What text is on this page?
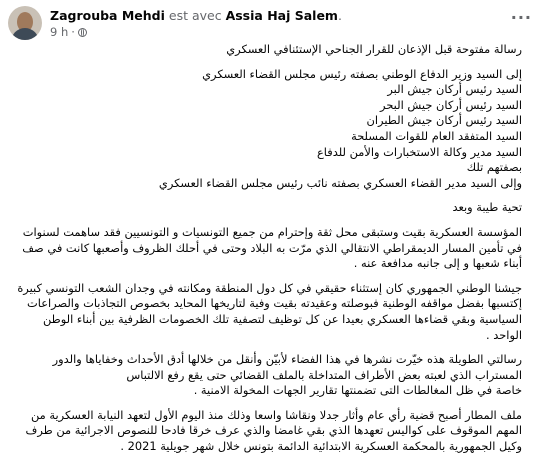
Zagrouba Mehdi est avec Assia Haj Salem.
9 h ·
···
رسالة مفتوحة قبل الإذعان للقرار الجناحي الإستئنافي العسكري
إلى السيد وزير الدفاع الوطني بصفته رئيس مجلس القضاء العسكري
السيد رئيس أركان جيش البر
السيد رئيس أركان جيش البحر
السيد رئيس أركان جيش الطيران
السيد المتفقد العام للقوات المسلحة
السيد مدير وكالة الاستخبارات والأمن للدفاع
بصفتهم تلك
وإلى السيد مدير القضاء العسكري بصفته نائب رئيس مجلس القضاء العسكري
تحية طيبة وبعد
المؤسسة العسكرية بقيت وستبقى محل ثقة وإحترام من جميع التونسيات و التونسيين فقد ساهمت لسنوات
في تأمين المسار الديمقراطي الانتقالي الذي مرّت به البلاد وحتى في أحلك الظروف وأصعبها كانت في صف
أبناء شعبها و إلى جانبه مدافعة عنه .
جيشنا الوطني الجمهوري كان إستثناء حقيقي في كل دول المنطقة ومكانته في وجدان الشعب التونسي كبيرة
إكتسبها بفضل مواقفه الوطنية فبوصلته وعقيدته بقيت وفية لتاريخها المحايد بخصوص التجاذبات والصراعات
السياسية وبقي قضاءها العسكري بعيدا عن كل توظيف لتصفية تلك الخصومات الظرفية بين أبناء الوطن
الواحد .
رسالتي الطويلة هذه خيّرت نشرها في هذا الفضاء لأبيّن وأنقل من خلالها أدق الأحداث وخفاياها والدور
المستراب الذي لعبته بعض الأطراف المتداخلة بالملف القضائي حتى يقع رفع الالتباس
خاصة في ظل المغالطات التى تضمنتها تقارير الجهات المخولة الامنية .
ملف المطار أصبح قضية رأي عام وأثار جدلا ونقاشا واسعا وذلك منذ اليوم الأول لتعهد النيابة العسكرية من
المهم الموقوف على كواليس تعهدها الذي بقي غامضا والذي عرف خرقا فادحا للنصوص الاجرائية من طرف
وكيل الجمهورية بالمحكمة العسكرية الابتدائية الدائمة بتونس خلال شهر جويلية 2021 .
